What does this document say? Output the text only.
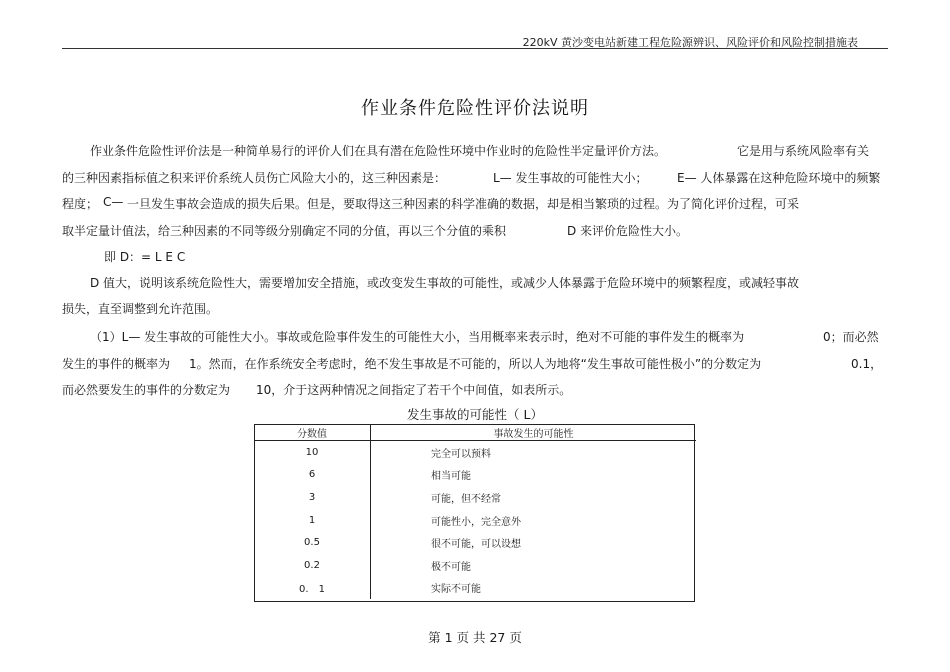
220kV 黄沙变电站新建工程危险源辨识、风险评价和风险控制措施表
作业条件危险性评价法说明
作业条件危险性评价法是一种简单易行的评价人们在具有潜在危险性环境中作业时的危险性半定量评价方法。	它是用与系统风险率有关
的三种因素指标值之积来评价系统人员伤亡风险大小的，这三种因素是：	L— 发生事故的可能性大小； E— 人体暴露在这种危险环境中的频繁
程度； C— 一旦发生事故会造成的损失后果。但是，要取得这三种因素的科学准确的数据，却是相当繁琐的过程。为了简化评价过程，可采
取半定量计值法，给三种因素的不同等级分别确定不同的分值，再以三个分值的乘积	D 来评价危险性大小。
即 D：= L E C
D 值大，说明该系统危险性大，需要增加安全措施，或改变发生事故的可能性，或减少人体暴露于危险环境中的频繁程度，或减轻事故
损失，直至调整到允许范围。
（1）L— 发生事故的可能性大小。事故或危险事件发生的可能性大小，当用概率来表示时，绝对不可能的事件发生的概率为	0；而必然
发生的事件的概率为 1。然而，在作系统安全考虑时，绝不发生事故是不可能的，所以人为地将“发生事故可能性极小”的分数定为	0.1，
而必然要发生的事件的分数定为 10，介于这两种情况之间指定了若干个中间值，如表所示。
发生事故的可能性（ L）
分数值	事故发生的可能性
10	完全可以预料
6	相当可能
3	可能，但不经常
1	可能性小，完全意外
0.5	很不可能，可以设想
0.2	极不可能
0.　1	实际不可能
第 1 页 共 27 页
